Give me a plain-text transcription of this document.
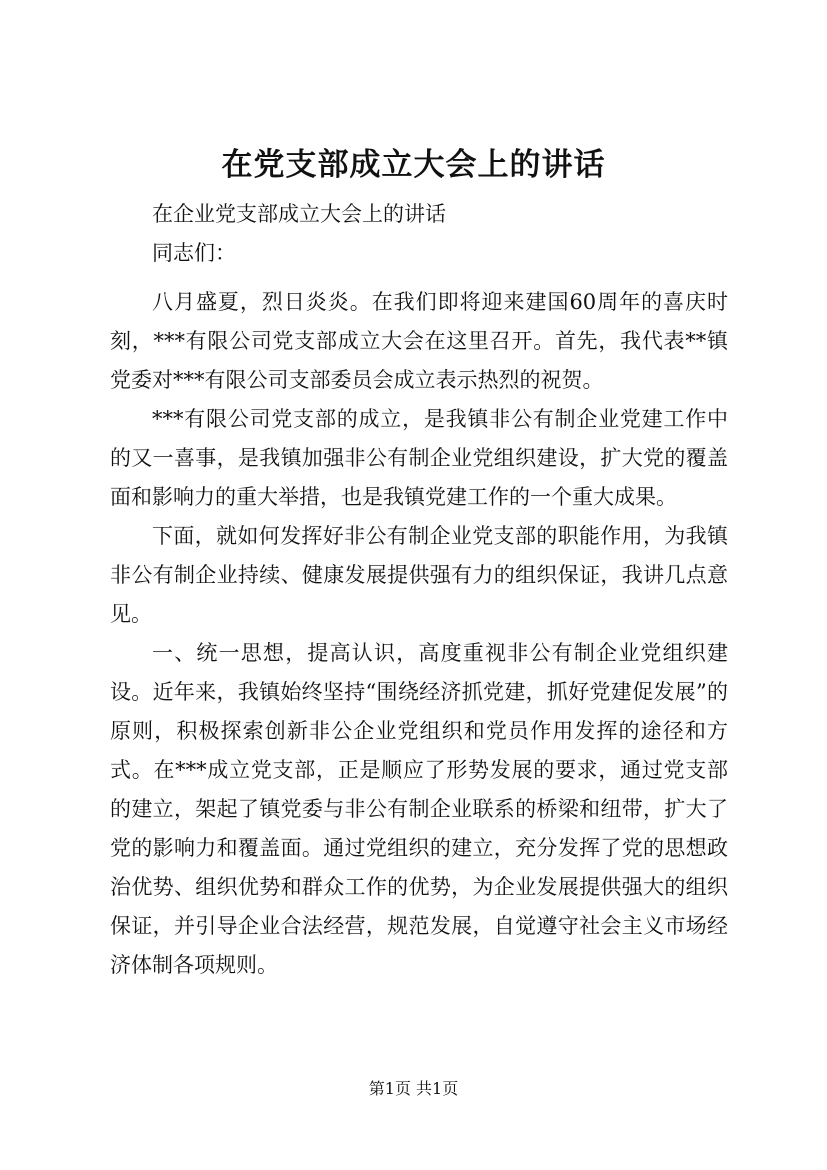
在党支部成立大会上的讲话

在企业党支部成立大会上的讲话

同志们：

八月盛夏，烈日炎炎。在我们即将迎来建国60周年的喜庆时刻，***有限公司党支部成立大会在这里召开。首先，我代表**镇党委对***有限公司支部委员会成立表示热烈的祝贺。

***有限公司党支部的成立，是我镇非公有制企业党建工作中的又一喜事，是我镇加强非公有制企业党组织建设，扩大党的覆盖面和影响力的重大举措，也是我镇党建工作的一个重大成果。

下面，就如何发挥好非公有制企业党支部的职能作用，为我镇非公有制企业持续、健康发展提供强有力的组织保证，我讲几点意见。

一、统一思想，提高认识，高度重视非公有制企业党组织建设。近年来，我镇始终坚持“围绕经济抓党建，抓好党建促发展”的原则，积极探索创新非公企业党组织和党员作用发挥的途径和方式。在***成立党支部，正是顺应了形势发展的要求，通过党支部的建立，架起了镇党委与非公有制企业联系的桥梁和纽带，扩大了党的影响力和覆盖面。通过党组织的建立，充分发挥了党的思想政治优势、组织优势和群众工作的优势，为企业发展提供强大的组织保证，并引导企业合法经营，规范发展，自觉遵守社会主义市场经济体制各项规则。

第1页 共1页
